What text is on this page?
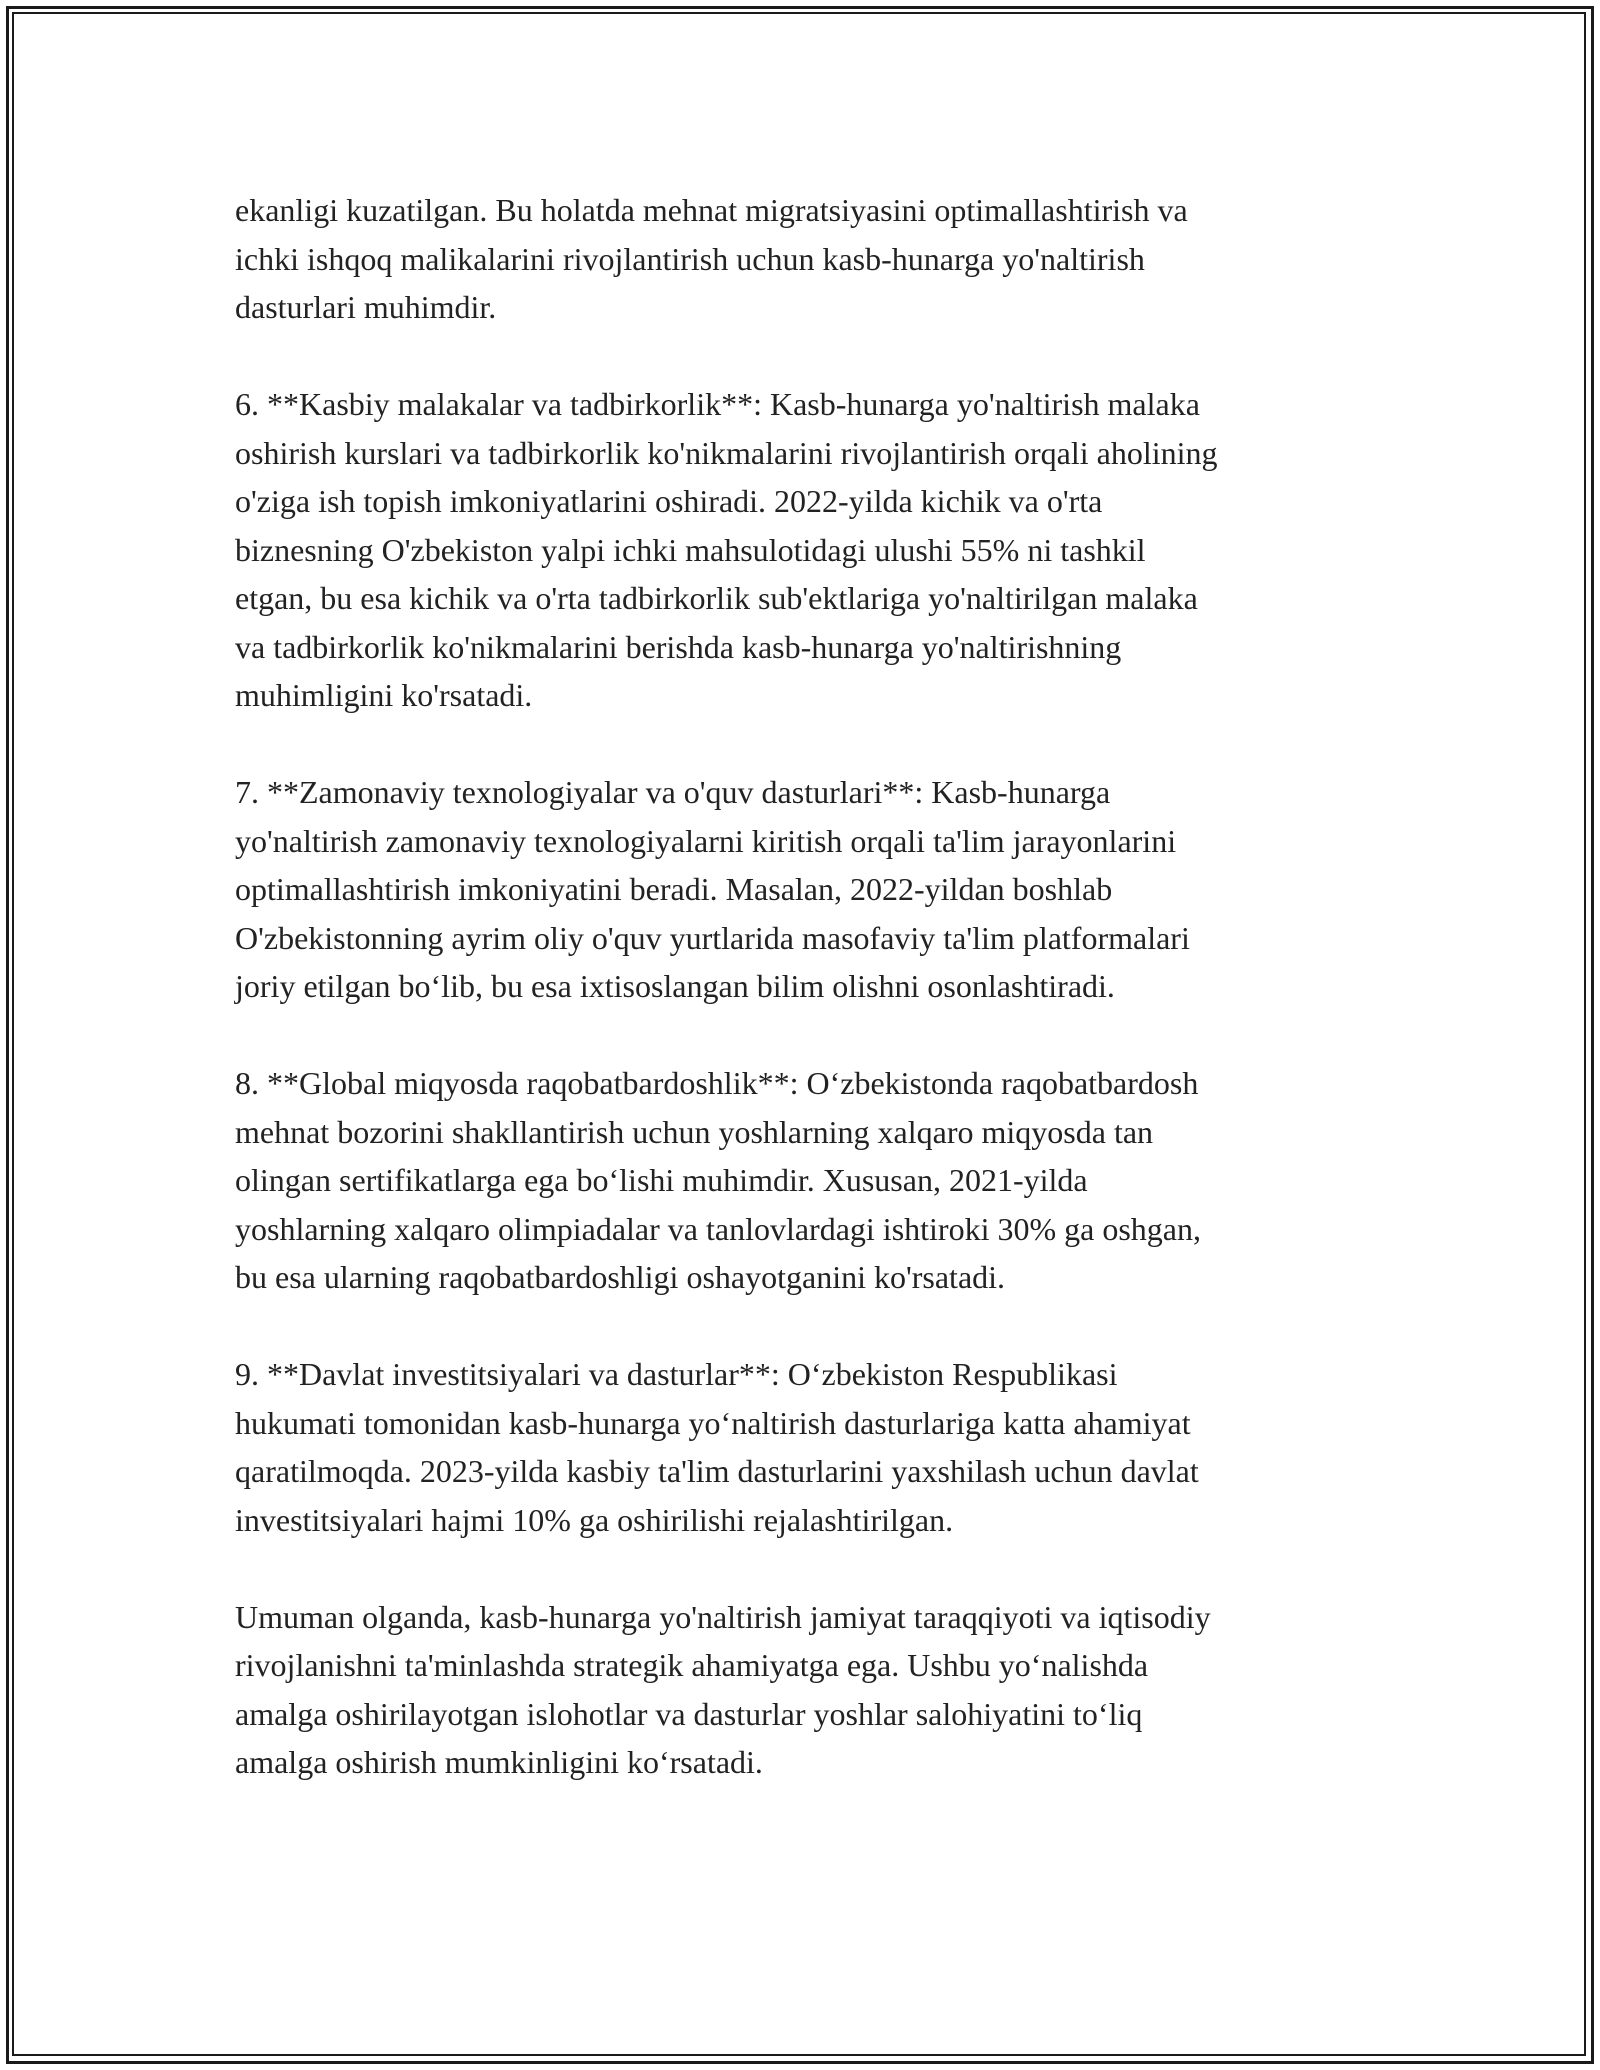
ekanligi kuzatilgan. Bu holatda mehnat migratsiyasini optimallashtirish va
ichki ishqoq malikalarini rivojlantirish uchun kasb-hunarga yo'naltirish
dasturlari muhimdir.

6. **Kasbiy malakalar va tadbirkorlik**: Kasb-hunarga yo'naltirish malaka
oshirish kurslari va tadbirkorlik ko'nikmalarini rivojlantirish orqali aholining
o'ziga ish topish imkoniyatlarini oshiradi. 2022-yilda kichik va o'rta
biznesning O'zbekiston yalpi ichki mahsulotidagi ulushi 55% ni tashkil
etgan, bu esa kichik va o'rta tadbirkorlik sub'ektlariga yo'naltirilgan malaka
va tadbirkorlik ko'nikmalarini berishda kasb-hunarga yo'naltirishning
muhimligini ko'rsatadi.

7. **Zamonaviy texnologiyalar va o'quv dasturlari**: Kasb-hunarga
yo'naltirish zamonaviy texnologiyalarni kiritish orqali ta'lim jarayonlarini
optimallashtirish imkoniyatini beradi. Masalan, 2022-yildan boshlab
O'zbekistonning ayrim oliy o'quv yurtlarida masofaviy ta'lim platformalari
joriy etilgan boʻlib, bu esa ixtisoslangan bilim olishni osonlashtiradi.

8. **Global miqyosda raqobatbardoshlik**: Oʻzbekistonda raqobatbardosh
mehnat bozorini shakllantirish uchun yoshlarning xalqaro miqyosda tan
olingan sertifikatlarga ega boʻlishi muhimdir. Xususan, 2021-yilda
yoshlarning xalqaro olimpiadalar va tanlovlardagi ishtiroki 30% ga oshgan,
bu esa ularning raqobatbardoshligi oshayotganini ko'rsatadi.

9. **Davlat investitsiyalari va dasturlar**: Oʻzbekiston Respublikasi
hukumati tomonidan kasb-hunarga yoʻnaltirish dasturlariga katta ahamiyat
qaratilmoqda. 2023-yilda kasbiy ta'lim dasturlarini yaxshilash uchun davlat
investitsiyalari hajmi 10% ga oshirilishi rejalashtirilgan.

Umuman olganda, kasb-hunarga yo'naltirish jamiyat taraqqiyoti va iqtisodiy
rivojlanishni ta'minlashda strategik ahamiyatga ega. Ushbu yoʻnalishda
amalga oshirilayotgan islohotlar va dasturlar yoshlar salohiyatini toʻliq
amalga oshirish mumkinligini koʻrsatadi.
